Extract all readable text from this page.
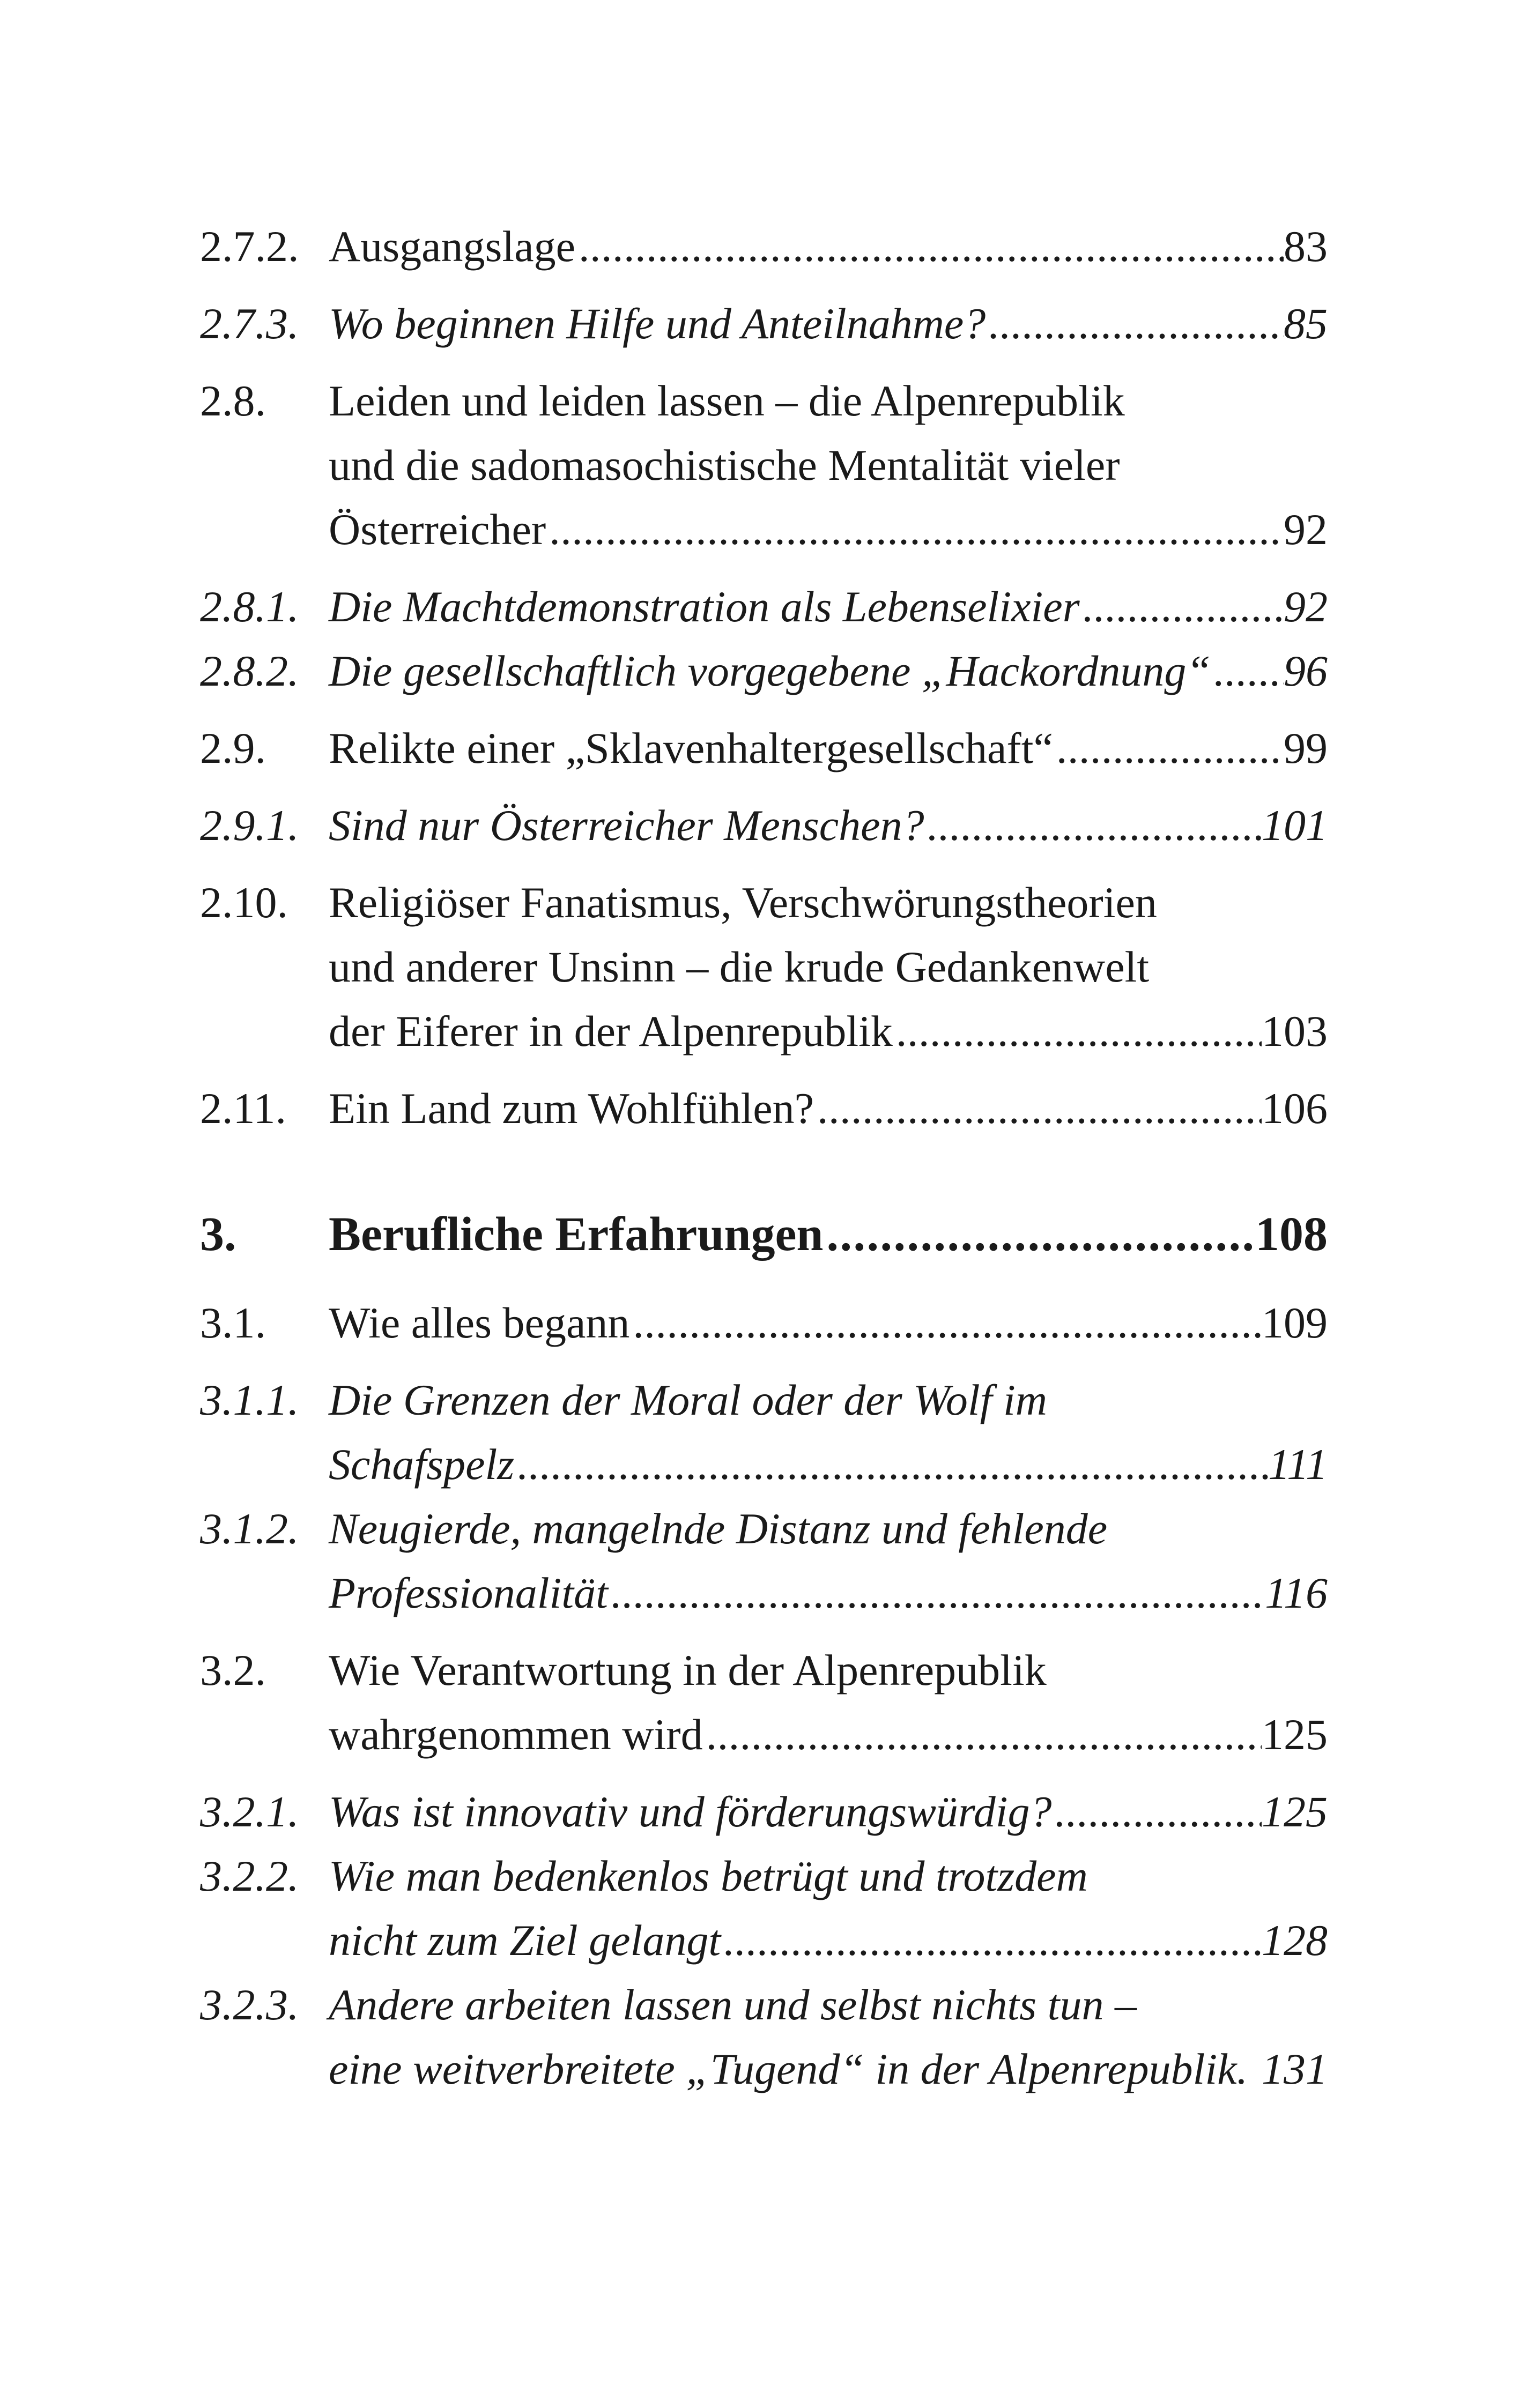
2.7.2. Ausgangslage . . .	83
2.7.3. Wo beginnen Hilfe und Anteilnahme? . . .	85
2.8.	Leiden und leiden lassen – die Alpenrepublik
und die sadomasochistische Mentalität vieler
Österreicher . . .	92
2.8.1. Die Machtdemonstration als Lebenselixier . . .	92
2.8.2. Die gesellschaftlich vorgegebene „Hackordnung“ . . . 96
2.9.	Relikte einer „Sklavenhaltergesellschaft“ . . .	99
2.9.1. Sind nur Österreicher Menschen? . . .	101
2.10. Religiöser Fanatismus, Verschwörungstheorien
und anderer Unsinn – die krude Gedankenwelt
der Eiferer in der Alpenrepublik . . .	103
2.11. Ein Land zum Wohlfühlen? . . .	106
3.	Berufliche Erfahrungen . . .	108
3.1.	Wie alles begann . . .	109
3.1.1. Die Grenzen der Moral oder der Wolf im
Schafspelz . . .	111
3.1.2. Neugierde, mangelnde Distanz und fehlende
Professionalität . . .	116
3.2.	Wie Verantwortung in der Alpenrepublik
wahrgenommen wird . . .	125
3.2.1. Was ist innovativ und förderungswürdig? . . .	125
3.2.2. Wie man bedenkenlos betrügt und trotzdem
nicht zum Ziel gelangt . . .	128
3.2.3. Andere arbeiten lassen und selbst nichts tun –
eine weitverbreitete „Tugend“ in der Alpenrepublik. 131
